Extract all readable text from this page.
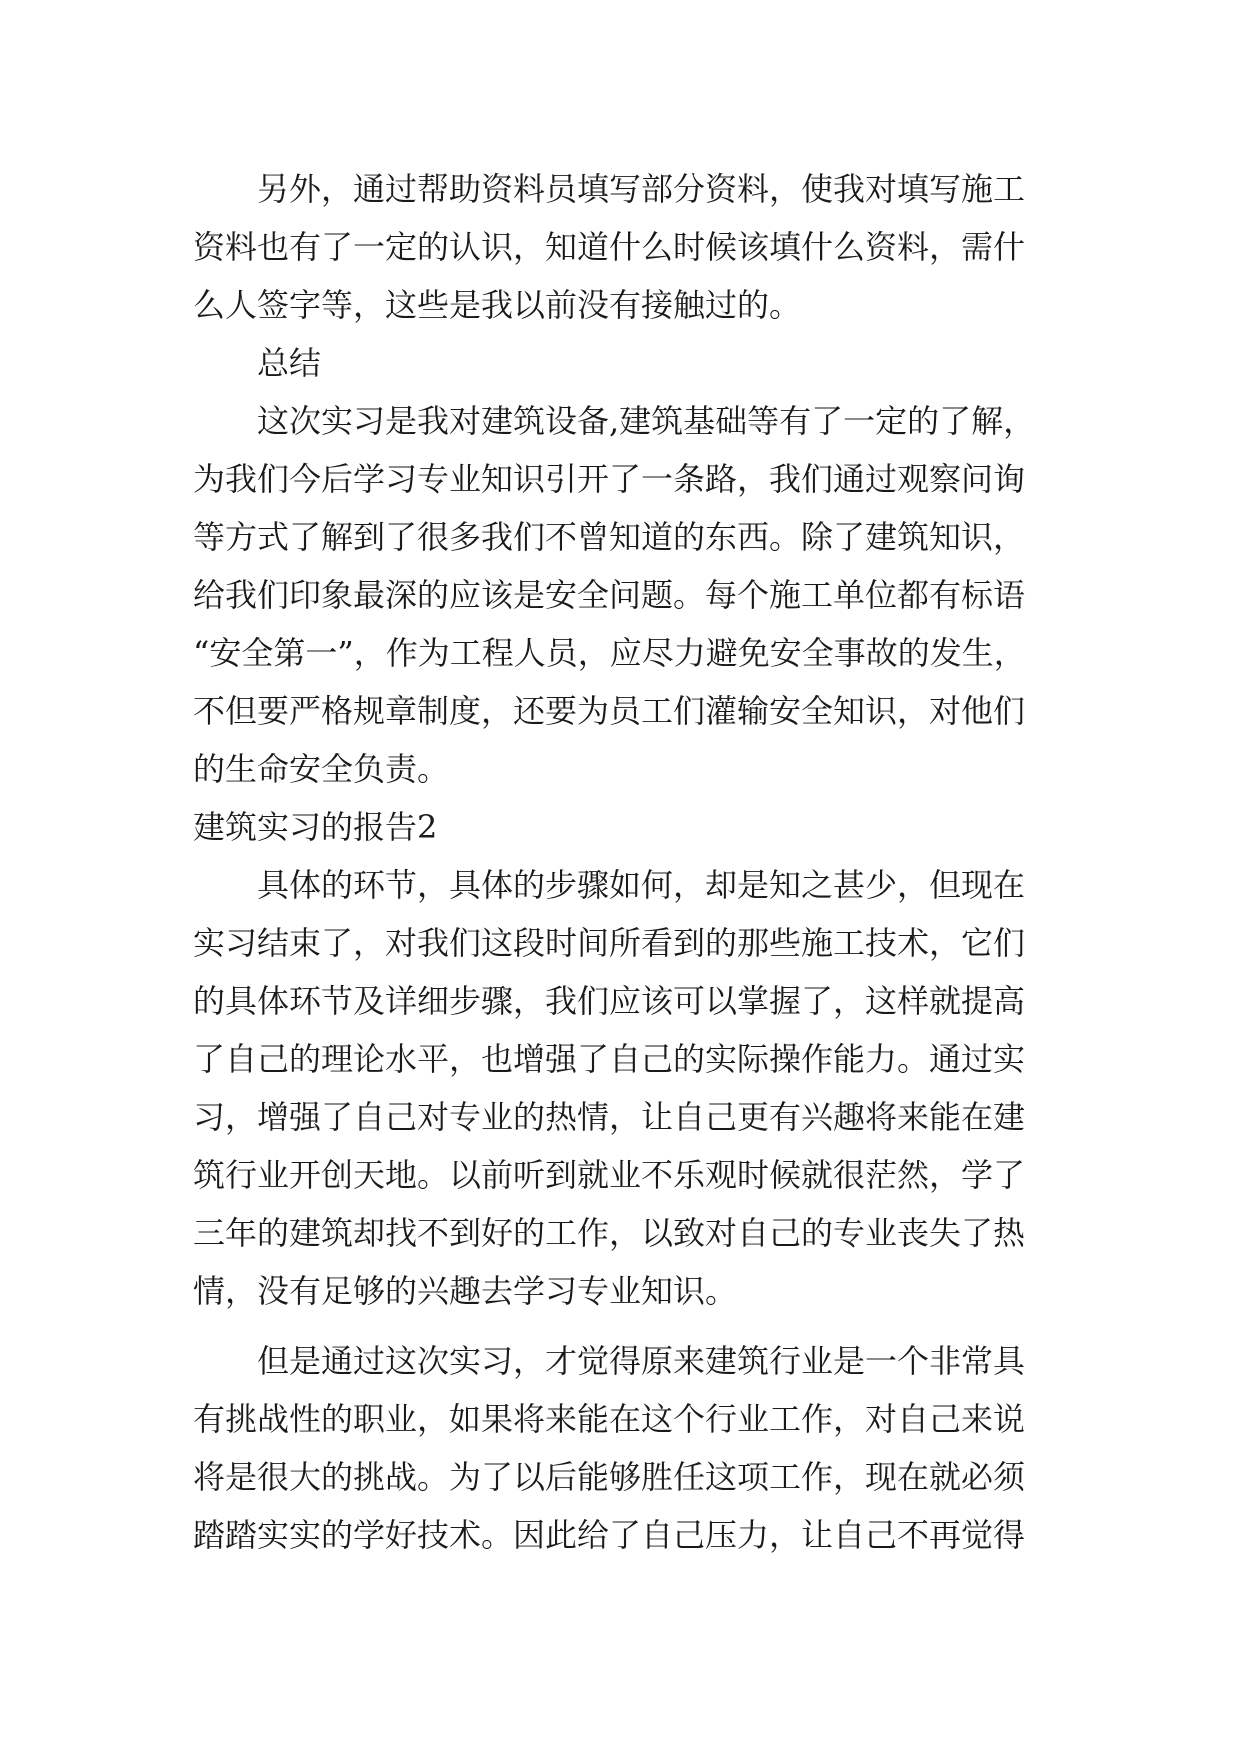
另外，通过帮助资料员填写部分资料，使我对填写施工
资料也有了一定的认识，知道什么时候该填什么资料，需什
么人签字等，这些是我以前没有接触过的。
总结
这次实习是我对建筑设备,建筑基础等有了一定的了解，
为我们今后学习专业知识引开了一条路，我们通过观察问询
等方式了解到了很多我们不曾知道的东西。除了建筑知识，
给我们印象最深的应该是安全问题。每个施工单位都有标语
“安全第一”，作为工程人员，应尽力避免安全事故的发生，
不但要严格规章制度，还要为员工们灌输安全知识，对他们
的生命安全负责。
建筑实习的报告2
具体的环节，具体的步骤如何，却是知之甚少，但现在
实习结束了，对我们这段时间所看到的那些施工技术，它们
的具体环节及详细步骤，我们应该可以掌握了，这样就提高
了自己的理论水平，也增强了自己的实际操作能力。通过实
习，增强了自己对专业的热情，让自己更有兴趣将来能在建
筑行业开创天地。以前听到就业不乐观时候就很茫然，学了
三年的建筑却找不到好的工作，以致对自己的专业丧失了热
情，没有足够的兴趣去学习专业知识。
但是通过这次实习，才觉得原来建筑行业是一个非常具
有挑战性的职业，如果将来能在这个行业工作，对自己来说
将是很大的挑战。为了以后能够胜任这项工作，现在就必须
踏踏实实的学好技术。因此给了自己压力，让自己不再觉得
